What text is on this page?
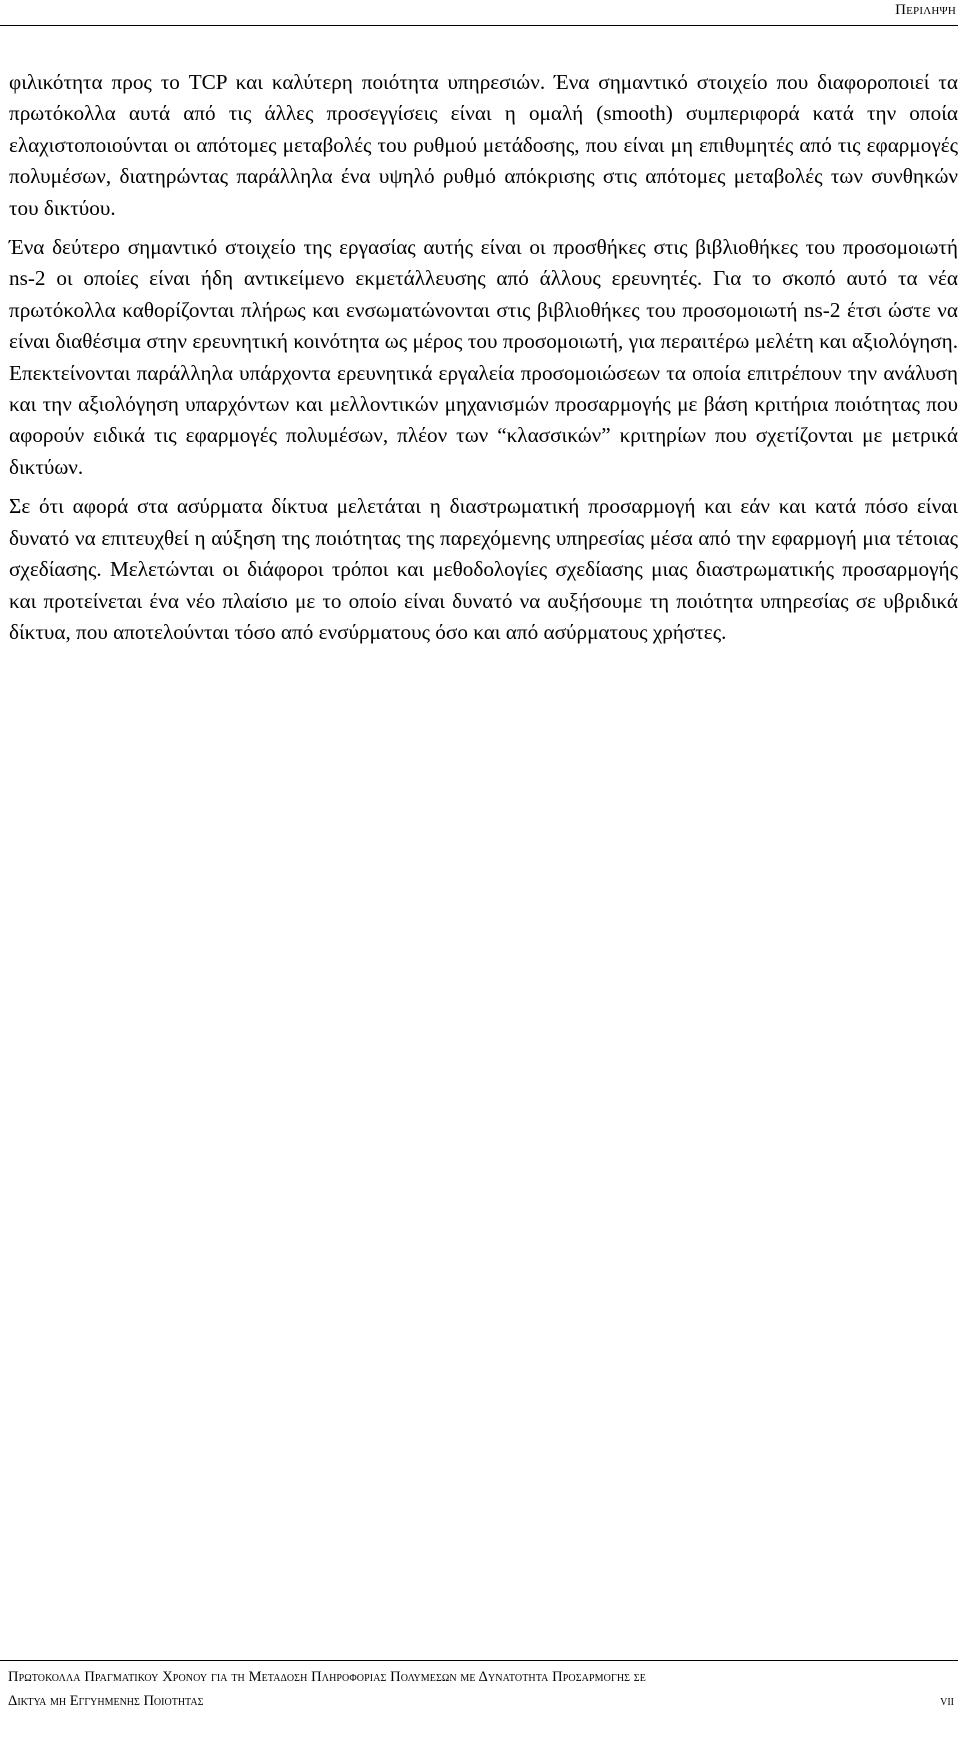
Περιληψη

φιλικότητα προς το TCP και καλύτερη ποιότητα υπηρεσιών. Ένα σημαντικό στοιχείο που διαφοροποιεί τα πρωτόκολλα αυτά από τις άλλες προσεγγίσεις είναι η ομαλή (smooth) συμπεριφορά κατά την οποία ελαχιστοποιούνται οι απότομες μεταβολές του ρυθμού μετάδοσης, που είναι μη επιθυμητές από τις εφαρμογές πολυμέσων, διατηρώντας παράλληλα ένα υψηλό ρυθμό απόκρισης στις απότομες μεταβολές των συνθηκών του δικτύου.

Ένα δεύτερο σημαντικό στοιχείο της εργασίας αυτής είναι οι προσθήκες στις βιβλιοθήκες του προσομοιωτή ns-2 οι οποίες είναι ήδη αντικείμενο εκμετάλλευσης από άλλους ερευνητές. Για το σκοπό αυτό τα νέα πρωτόκολλα καθορίζονται πλήρως και ενσωματώνονται στις βιβλιοθήκες του προσομοιωτή ns-2 έτσι ώστε να είναι διαθέσιμα στην ερευνητική κοινότητα ως μέρος του προσομοιωτή, για περαιτέρω μελέτη και αξιολόγηση. Επεκτείνονται παράλληλα υπάρχοντα ερευνητικά εργαλεία προσομοιώσεων τα οποία επιτρέπουν την ανάλυση και την αξιολόγηση υπαρχόντων και μελλοντικών μηχανισμών προσαρμογής με βάση κριτήρια ποιότητας που αφορούν ειδικά τις εφαρμογές πολυμέσων, πλέον των “κλασσικών” κριτηρίων που σχετίζονται με μετρικά δικτύων.

Σε ότι αφορά στα ασύρματα δίκτυα μελετάται η διαστρωματική προσαρμογή και εάν και κατά πόσο είναι δυνατό να επιτευχθεί η αύξηση της ποιότητας της παρεχόμενης υπηρεσίας μέσα από την εφαρμογή μια τέτοιας σχεδίασης. Μελετώνται οι διάφοροι τρόποι και μεθοδολογίες σχεδίασης μιας διαστρωματικής προσαρμογής και προτείνεται ένα νέο πλαίσιο με το οποίο είναι δυνατό να αυξήσουμε τη ποιότητα υπηρεσίας σε υβριδικά δίκτυα, που αποτελούνται τόσο από ενσύρματους όσο και από ασύρματους χρήστες.

Πρωτοκολλα Πραγματικου Χρονου για τη Μεταδοση Πληροφοριας Πολυμεσων με Δυνατοτητα Προσαρμογης σε
Δικτυα μη Εγγυημενης Ποιοτητας	vii
